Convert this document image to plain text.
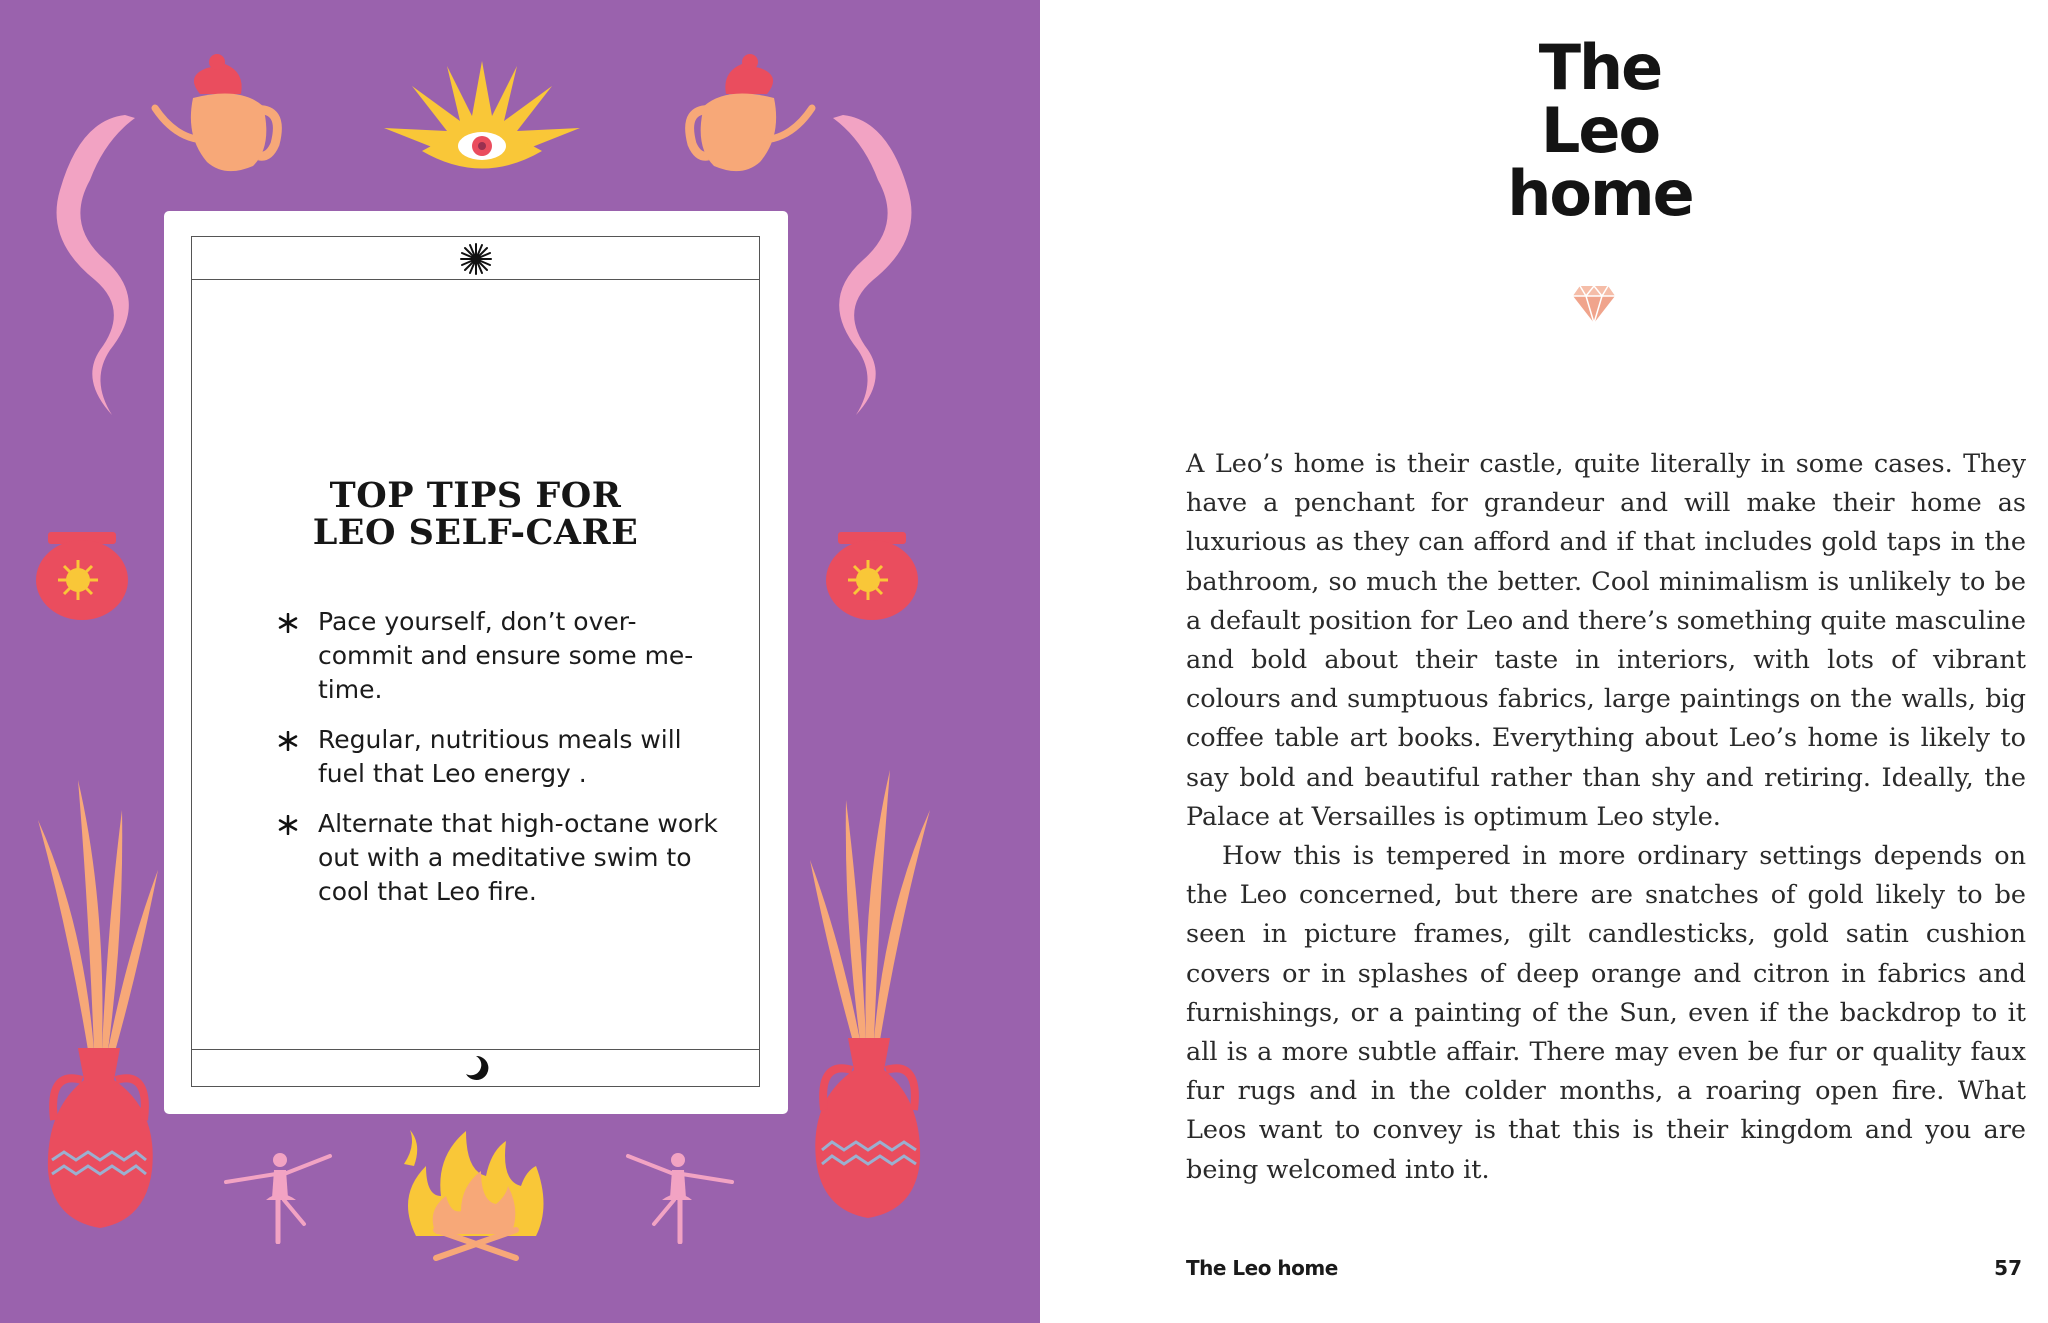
TOP TIPS FOR
LEO SELF-CARE
Pace yourself, don’t over-commit and ensure some me-time.
Regular, nutritious meals will fuel that Leo energy .
Alternate that high-octane work out with a meditative swim to cool that Leo fire.
The
Leo
home

A Leo’s home is their castle, quite literally in some cases. They have a penchant for grandeur and will make their home as luxurious as they can afford and if that includes gold taps in the bathroom, so much the better. Cool minimalism is unlikely to be a default position for Leo and there’s something quite masculine and bold about their taste in interiors, with lots of vibrant colours and sumptuous fabrics, large paintings on the walls, big coffee table art books. Everything about Leo’s home is likely to say bold and beautiful rather than shy and retiring. Ideally, the Palace at Versailles is optimum Leo style.

How this is tempered in more ordinary settings depends on the Leo concerned, but there are snatches of gold likely to be seen in picture frames, gilt candlesticks, gold satin cushion covers or in splashes of deep orange and citron in fabrics and furnishings, or a painting of the Sun, even if the backdrop to it all is a more subtle affair. There may even be fur or quality faux fur rugs and in the colder months, a roaring open fire. What Leos want to convey is that this is their kingdom and you are being welcomed into it.

The Leo home	57
